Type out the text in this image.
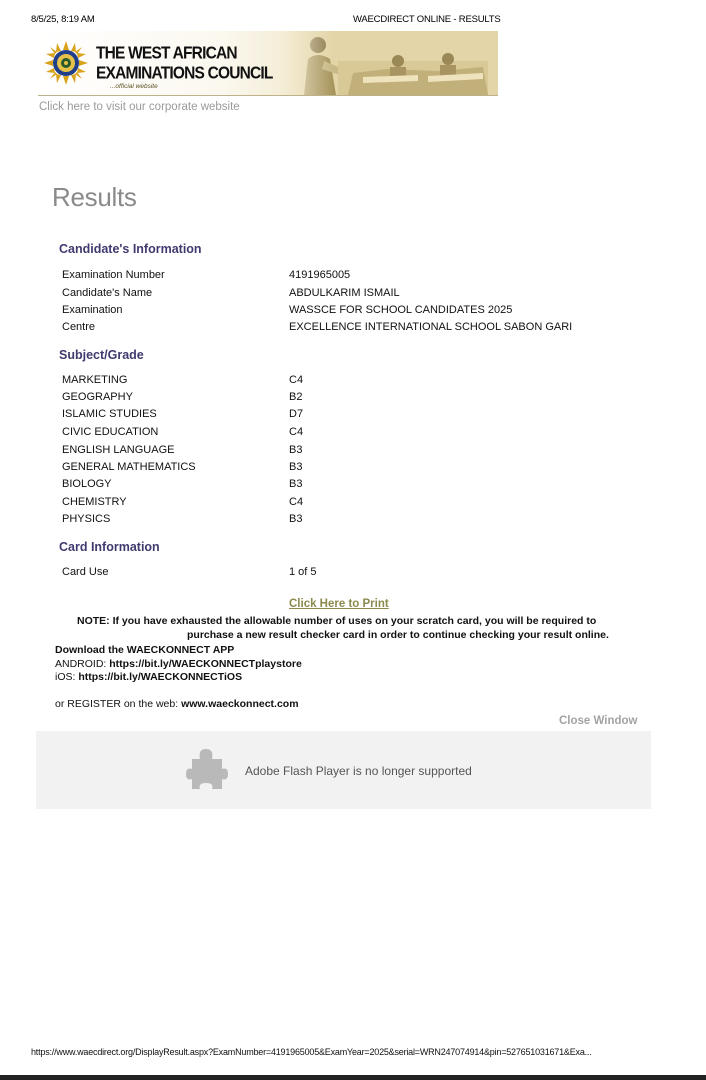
8/5/25, 8:19 AM	WAECDIRECT ONLINE - RESULTS
THE WEST AFRICAN
EXAMINATIONS COUNCIL
...official website
Click here to visit our corporate website
Results
Candidate's Information
Examination Number	4191965005
Candidate's Name	ABDULKARIM ISMAIL
Examination	WASSCE FOR SCHOOL CANDIDATES 2025
Centre	EXCELLENCE INTERNATIONAL SCHOOL SABON GARI
Subject/Grade
MARKETING	C4
GEOGRAPHY	B2
ISLAMIC STUDIES	D7
CIVIC EDUCATION	C4
ENGLISH LANGUAGE	B3
GENERAL MATHEMATICS	B3
BIOLOGY	B3
CHEMISTRY	C4
PHYSICS	B3
Card Information
Card Use	1 of 5
Click Here to Print
NOTE: If you have exhausted the allowable number of uses on your scratch card, you will be required to
purchase a new result checker card in order to continue checking your result online.
Download the WAECKONNECT APP
ANDROID: https://bit.ly/WAECKONNECTplaystore
iOS: https://bit.ly/WAECKONNECTiOS
or REGISTER on the web: www.waeckonnect.com
Close Window
Adobe Flash Player is no longer supported
https://www.waecdirect.org/DisplayResult.aspx?ExamNumber=4191965005&ExamYear=2025&serial=WRN247074914&pin=527651031671&Exa...
